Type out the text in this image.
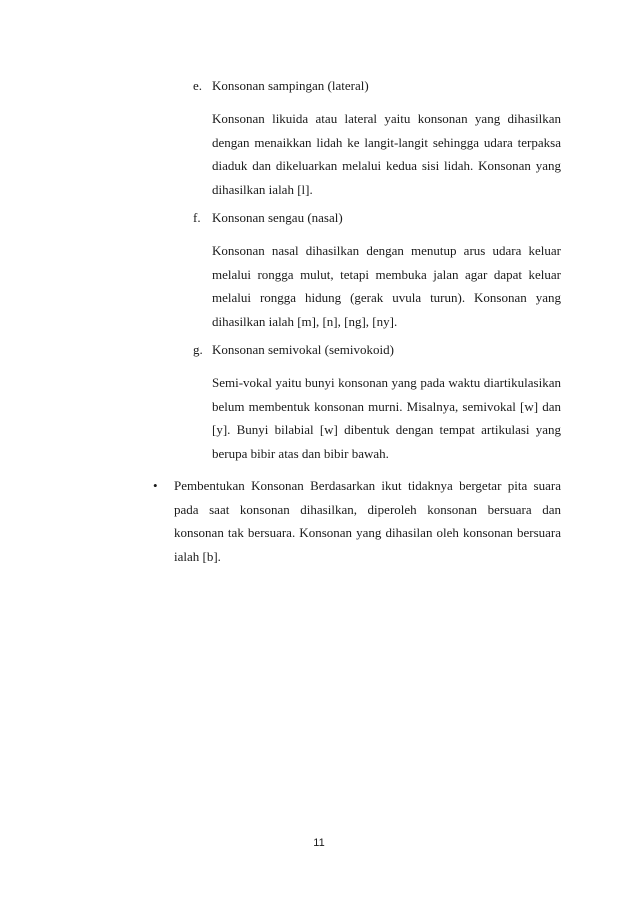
e. Konsonan sampingan (lateral)
Konsonan likuida atau lateral yaitu konsonan yang dihasilkan dengan menaikkan lidah ke langit-langit sehingga udara terpaksa diaduk dan dikeluarkan melalui kedua sisi lidah. Konsonan yang dihasilkan ialah [l].
f. Konsonan sengau (nasal)
Konsonan nasal dihasilkan dengan menutup arus udara keluar melalui rongga mulut, tetapi membuka jalan agar dapat keluar melalui rongga hidung (gerak uvula turun). Konsonan yang dihasilkan ialah [m], [n], [ng], [ny].
g. Konsonan semivokal (semivokoid)
Semi-vokal yaitu bunyi konsonan yang pada waktu diartikulasikan belum membentuk konsonan murni. Misalnya, semivokal [w] dan [y]. Bunyi bilabial [w] dibentuk dengan tempat artikulasi yang berupa bibir atas dan bibir bawah.
• Pembentukan Konsonan Berdasarkan ikut tidaknya bergetar pita suara pada saat konsonan dihasilkan, diperoleh konsonan bersuara dan konsonan tak bersuara. Konsonan yang dihasilan oleh konsonan bersuara ialah [b].
11
